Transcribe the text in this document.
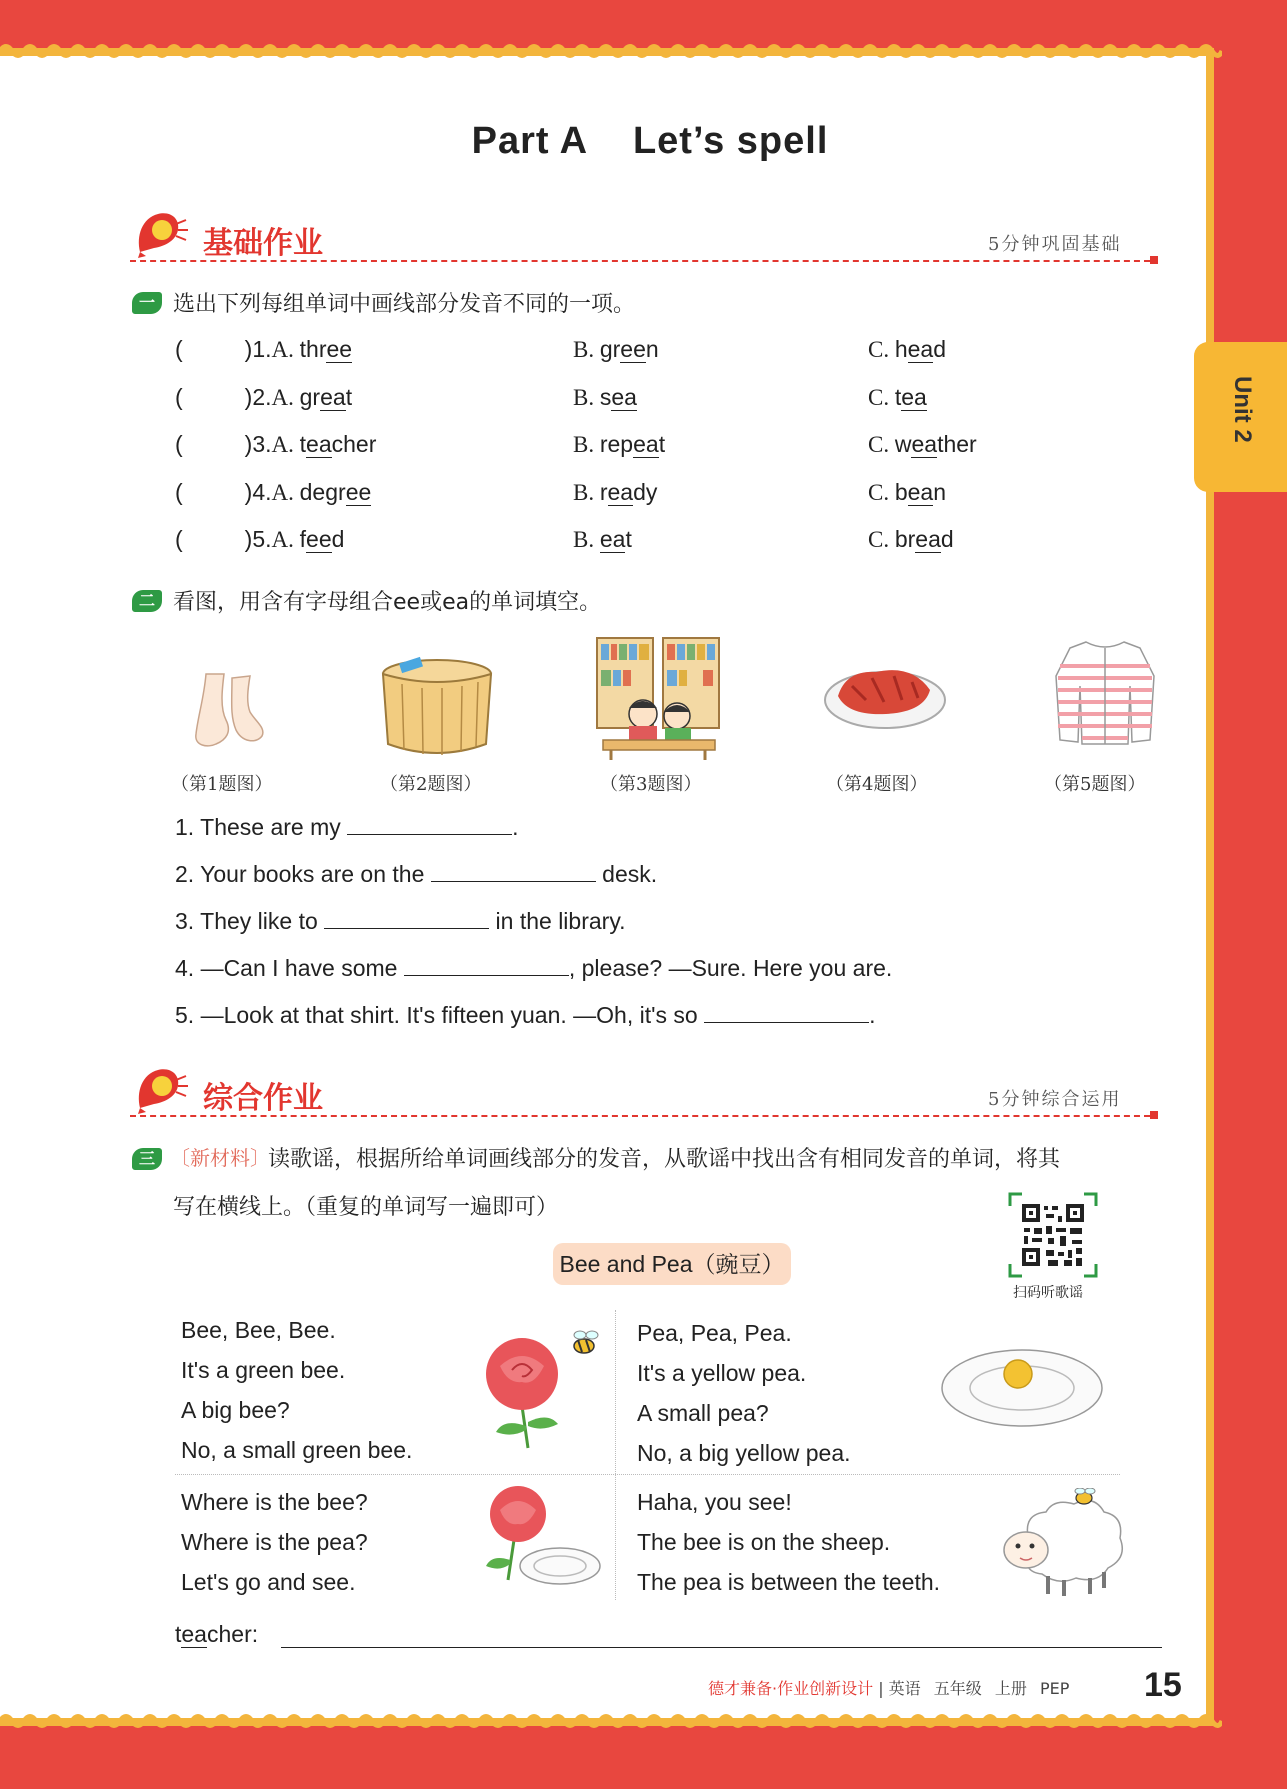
Unit 2
Part A    Let’s spell
基础作业	5分钟巩固基础
一 选出下列每组单词中画线部分发音不同的一项。
(	)1.A. three	B. green	C. head
(	)2.A. great	B. sea	C. tea
(	)3.A. teacher	B. repeat	C. weather
(	)4.A. degree	B. ready	C. bean
(	)5.A. feed	B. eat	C. bread
二 看图，用含有字母组合ee或ea的单词填空。
（第1题图）	（第2题图）	（第3题图）	（第4题图）	（第5题图）
1. These are my	.
2. Your books are on the	desk.
3. They like to	in the library.
4. —Can I have some	, please? —Sure. Here you are.
5. —Look at that shirt. It's fifteen yuan. —Oh, it's so	.
综合作业	5分钟综合运用
三 〔新材料〕
读歌谣，根据所给单词画线部分的发音，从歌谣中找出含有相同发音的单词，将其
写在横线上。（重复的单词写一遍即可）
扫码听歌谣
Bee and Pea（豌豆）
Bee, Bee, Bee.
It's a green bee.
A big bee?
No, a small green bee.
Pea, Pea, Pea.
It's a yellow pea.
A small pea?
No, a big yellow pea.
Where is the bee?
Where is the pea?
Let's go and see.
Haha, you see!
The bee is on the sheep.
The pea is between the teeth.
teacher:
德才兼备·作业创新设计 | 英语 五年级 上册 PEP 15
